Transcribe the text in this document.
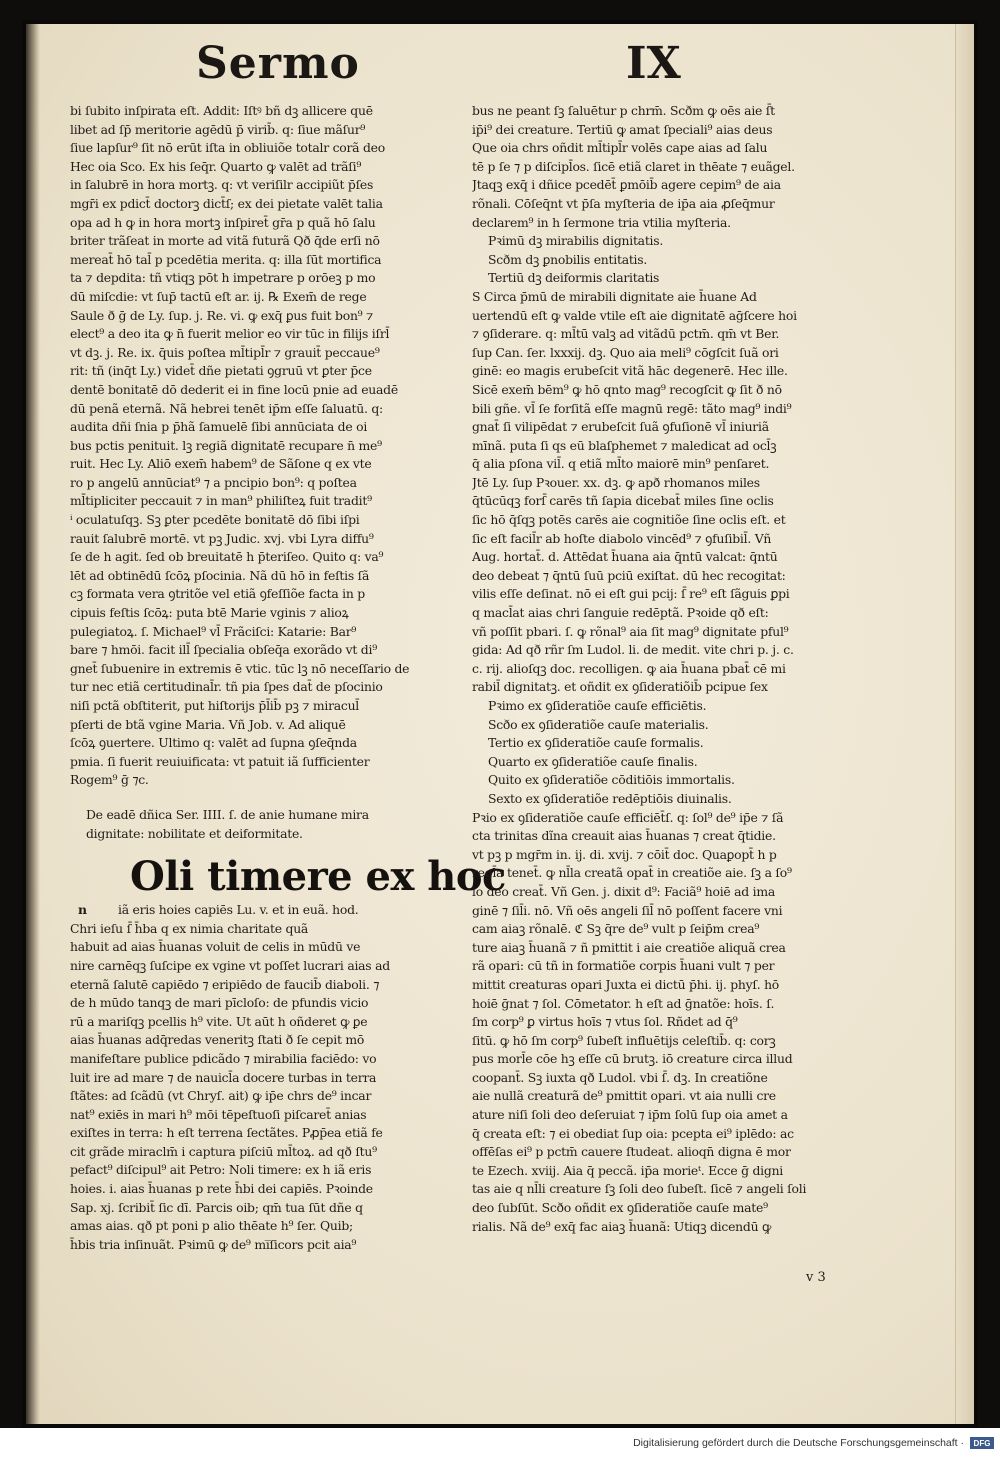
Sermo	IX
bi ſubito inſpirata eſt. Addit: Iſtꝰ bñ dꝫ allicere quē
libet ad ſp̄ meritorie agēdū p̄ virib̄. q: ſiue mãſur⁹
ſiue lapſur⁹ ſit nō erūt iſta in obliuiõe totalr corã deo
Hec oia Sco. Ex his ſeq̄r. Quarto ꝙ valēt ad trãſi⁹
in ſalubrē in hora mortꝫ. q: vt veriſilr accipiũt p̄ſes
mgr̄i ex pdict̄ doctorꝫ dict̄ſ; ex dei pietate valēt talia
opa ad h ꝙ in hora mortꝫ inſpiret̄ gr̄a p quã hō ſalu
briter trãſeat in morte ad vitã futurã Qð q̄de erſi nō
mereat̄ hō tal̄ p pcedētia merita. q: illa ſūt mortifica
ta ⁊ depdita: tñ vtiqꝫ pōt h impetrare p orōeꝫ p mo
dū miſcdie: vt ſup̄ tactū eſt ar. ij. ℞ Exem̄ de rege
Saule ð ḡ de Ly. ſup. j. Re. vi. ꝙ exq̄ ꝑus fuit bon⁹ ⁊
elect⁹ a deo ita ꝙ n̄ fuerit melior eo vir tūc in filijs iſrl̄
vt dꝫ. j. Re. ix. q̄uis poſtea ml̄tipl̄r ⁊ grauit̄ peccaue⁹
rit: tñ (inq̄t Ly.) videt̄ dñe pietati ꝯgruū vt ꝑter p̄ce
dentē bonitatē dō dederit ei in fine locū pnie ad euadē
dū penã eternã. Nã hebrei tenēt ip̄m eſſe ſaluatū. q:
audita dñi ſnia p p̄hã ſamuelē ſibi annūciata de oi
bus pctis penituit. lꝫ regiã dignitatē recupare n̄ me⁹
ruit. Hec Ly. Aliō exem̄ habem⁹ de Sãſone q ex vte
ro p angelū annūciat⁹ ⁊ a pncipio bon⁹: q poſtea
ml̄tipliciter peccauit ⁊ in man⁹ philiſteꝝ fuit tradit⁹
ⁱ oculatuſqꝫ. Sꝫ ꝑter pcedēte bonitatē dō ſibi iſpi
rauit ſalubrē mortē. vt pꝫ Judic. xvj. vbi Lyra diffu⁹
ſe de h agit. ſed ob breuitatē h p̄teriſeo. Quito q: va⁹
lēt ad obtinēdū ſcōꝝ pſocinia. Nã dū hō in feſtis ſã
cꝫ formata vera ꝯtritõe vel etiã ꝯfeſſiõe facta in p
cipuis feſtis ſcōꝝ: puta btē Marie vginis ⁊ alioꝝ
pulegiatoꝝ. ſ. Michael⁹ vl̄ Frãciſci: Katarie: Bar⁹
bare ⁊ hmōi. facit ill̄ ſpecialia obſeq̄a exorãdo vt di⁹
gnet̄ ſubuenire in extremis ē vtic. tūc lꝫ nō neceſſario de
tur nec etiã certitudinal̄r. tñ pia ſpes dat̄ de pſocinio
niſi pctã obſtiterit, put hiſtorijs p̄l̄ib̄ pꝫ ⁊ miracul̄
pſerti de btã vgine Maria. Vñ Job. v. Ad aliquē
ſcōꝝ ꝯuertere. Ultimo q: valēt ad ſupna ꝯſeq̄nda
pmia. ſi fuerit reuiuificata: vt patuit iã ſufficienter
Rogem⁹ ḡ ⁊c.
De eadē dñica Ser. IIII. ſ. de anie humane mira
dignitate: nobilitate et deiformitate.
Oli timere ex hoc
n	iã eris hoies capiēs Lu. v. et in euã. hod.
Chri ieſu ſ̄ h̄ba q ex nimia charitate quã
habuit ad aias h̄uanas voluit de celis in mūdū ve
nire carnēqꝫ ſuſcipe ex vgine vt poſſet lucrari aias ad
eternã ſalutē capiēdo ⁊ eripiēdo de faucib̄ diaboli. ⁊
de h mūdo tanqꝫ de mari pīcloſo: de pfundis vicio
rū a mariſqꝫ pcellis h⁹ vite. Ut aūt h oñderet ꝙ ꝑe
aias h̄uanas adq̄redas veneritꝫ ſtati ð ſe cepit mō
manifeſtare publice pdicãdo ⁊ mirabilia faciēdo: vo
luit ire ad mare ⁊ de nauicl̄a docere turbas in terra
ſtãtes: ad ſcãdū (vt Chryſ. ait) ꝙ ip̄e chrs de⁹ incar
nat⁹ exiēs in mari h⁹ mōi tēpeſtuoſi piſcaret̄ anias
exiſtes in terra: h eſt terrena ſectãtes. Pꝓp̄ea etiã fe
cit grãde miraclm̄ i captura piſciū ml̄toꝝ. ad qð ſtu⁹
pefact⁹ diſcipul⁹ ait Petro: Noli timere: ex h iã eris
hoies. i. aias h̄uanas p rete h̄bi dei capiēs. Pꝛoinde
Sap. xj. ſcribit̄ ſic dī. Parcis oib; qm̄ tua ſūt dñe q
amas aias. qð pt poni p alio thēate h⁹ ſer. Quib;
h̄bis tria inſinuãt. Pꝛimū ꝙ de⁹ mi̅ſicors pcit aia⁹
bus ne peant ſꝫ ſaluētur p chrm̄. Scðm ꝙ oēs aie ſ̄t
ip̄i⁹ dei creature. Tertiū ꝙ amat ſpeciali⁹ aias deus
Que oia chrs oñdit ml̄tipl̄r volēs cape aias ad ſalu
tē p ſe ⁊ p diſcipl̄os. ſicē etiã claret in thēate ⁊ euãgel.
Jtaqꝫ exq̄ i dñice pcedēt̄ ꝑmōib̄ agere cepim⁹ de aia
rõnali. Cōſeq̄nt vt p̄ſa myſteria de ip̄a aia ꝓſeq̄mur
declarem⁹ in h ſermone tria vtilia myſteria.
Pꝛimū dꝫ mirabilis dignitatis.
Scðm dꝫ ꝑnobilis entitatis.
Tertiū dꝫ deiformis claritatis
S Circa p̄mū de mirabili dignitate aie h̄uane Ad
uertendū eſt ꝙ valde vtile eſt aie dignitatē aḡſcere hoi
⁊ ꝯſiderare. q: ml̄tū valꝫ ad vitãdū pctm̄. qm̄ vt Ber.
ſup Can. ſer. lxxxij. dꝫ. Quo aia meli⁹ cōgſcit ſuã ori
ginē: eo magis erubeſcit vitã hāc degenerē. Hec ille.
Sicē exem̄ bēm⁹ ꝙ hō qnto mag⁹ recogſcit ꝙ ſit ð nō
bili gñe. vl̄ ſe forſitã eſſe magnū regē: tãto mag⁹ indi⁹
gnat̄ ſi vilipēdat ⁊ erubeſcit ſuã ꝯfuſionē vl̄ iniuriã
mīnã. puta ſi qs eū blaſphemet ⁊ maledicat ad ocl̄ꝫ
q̄ alia pſona vil̄. q etiã ml̄to maiorē min⁹ penſaret.
Jtē Ly. ſup Pꝛouer. xx. dꝫ. ꝙ apð rhomanos miles
q̄tūcūqꝫ forſ̄ carēs tñ ſapia dicebat̄ miles ſine oclis
ſic hō q̄ſqꝫ potēs carēs aie cognitiõe ſine oclis eſt. et
ſic eſt facil̄r ab hoſte diabolo vincēd⁹ ⁊ ꝯfuſibil̄. Vñ
Aug. hortat̄. d. Attēdat h̄uana aia q̄ntū valcat: q̄ntū
deo debeat ⁊ q̄ntū ſuū pciū exiſtat. dū hec recogitat:
vilis eſſe deſinat. nō ei eſt gui pcij: ſ̄ re⁹ eſt ſãguis ꝑpi
q macl̄at aias chri ſanguie redēptã. Pꝛoide qð eſt:
vñ poſſit pbari. ſ. ꝙ rõnal⁹ aia ſit mag⁹ dignitate pful⁹
gida: Ad qð rñr ſm Ludol. li. de medit. vite chri p. j. c.
c. rij. alioſqꝫ doc. recolligen. ꝙ aia h̄uana pbat̄ cē mi
rabil̄ dignitatꝫ. et oñdit ex ꝯſideratiõib̄ pcipue ſex
Pꝛimo ex ꝯſideratiõe cauſe efficiētis.
Scðo ex ꝯſideratiõe cauſe materialis.
Tertio ex ꝯſideratiõe cauſe formalis.
Quarto ex ꝯſideratiõe cauſe finalis.
Quito ex ꝯſideratiõe cōditiōis immortalis.
Sexto ex ꝯſideratiõe redēptiōis diuinalis.
Pꝛio ex ꝯſideratiõe cauſe efficiēt̄ſ. q: ſol⁹ de⁹ ip̄e ⁊ ſã
cta trinitas dĩna creauit aias h̄uanas ⁊ creat q̄tidie.
vt pꝫ p mgr̄m in. ij. di. xvij. ⁊ cōit̄ doc. Quaꝑopt̄ h p
regl̄a tenet̄. ꝙ nl̄la creatã opat̄ in creatiõe aie. ſꝫ a ſo⁹
lo deo creat̄. Vñ Gen. j. dixit d⁹: Faciã⁹ hoiē ad ima
ginē ⁊ ſil̄i. nō. Vñ oēs angeli ſil̄ nō poſſent facere vni
cam aiaꝫ rõnalē. ℭ Sꝫ q̄re de⁹ vult p ſeip̄m crea⁹
ture aiaꝫ h̄uanã ⁊ ñ pmittit i aie creatiõe aliquã crea
rã opari: cū tñ in formatiõe corpis h̄uani vult ⁊ per
mittit creaturas opari Juxta ei dictū p̄hi. ij. phyſ. hō
hoiē ḡnat ⁊ ſol. Cōmetator. h eſt ad ḡnatõe: hoīs. ſ.
ſm corp⁹ ꝑ virtus hoīs ⁊ vtus ſol. Rñdet ad q̄⁹
ſitū. ꝙ hō ſm corp⁹ ſubeſt influētijs celeſtib̄. q: corꝫ
pus morl̄e cōe hꝫ eſſe cū brutꝫ. iō creature circa illud
coopant̄. Sꝫ iuxta qð Ludol. vbi ſ̄. dꝫ. In creatiõne
aie nullã creaturã de⁹ pmittit opari. vt aia nulli cre
ature niſi ſoli deo deſeruiat ⁊ ip̄m ſolū ſup oia amet a
q̄ creata eſt: ⁊ ei obediat ſup oia: pcepta ei⁹ iplēdo: ac
offēſas ei⁹ p pctm̄ cauere ſtudeat. alioqn̄ digna ē mor
te Ezech. xviij. Aia q̄ peccã. ip̄a morieᵗ. Ecce ḡ digni
tas aie q nl̄li creature ſꝫ ſoli deo ſubeſt. ſicē ⁊ angeli ſoli
deo ſubſūt. Scðo oñdit ex ꝯſideratiõe cauſe mate⁹
rialis. Nã de⁹ exq̄ fac aiaꝫ h̄uanã: Utiqꝫ dicendū ꝙ
v 3
Digitalisierung gefördert durch die Deutsche Forschungsgemeinschaft ·	DFG
